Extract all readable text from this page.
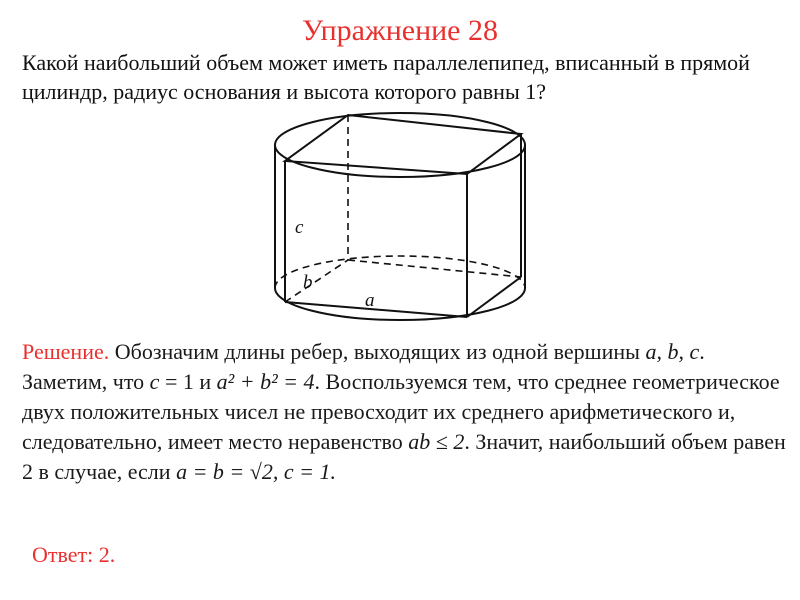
Упражнение 28
Какой наибольший объем может иметь параллелепипед, вписанный в прямой цилиндр, радиус основания и высота которого равны 1?
c
b
a
Решение. Обозначим длины ребер, выходящих из одной вершины a, b, c. Заметим, что c = 1 и a² + b² = 4. Воспользуемся тем, что среднее геометрическое двух положительных чисел не превосходит их среднего арифметического и, следовательно, имеет место неравенство ab ≤ 2. Значит, наибольший объем равен 2 в случае, если a = b = √2, c = 1.
Ответ: 2.
